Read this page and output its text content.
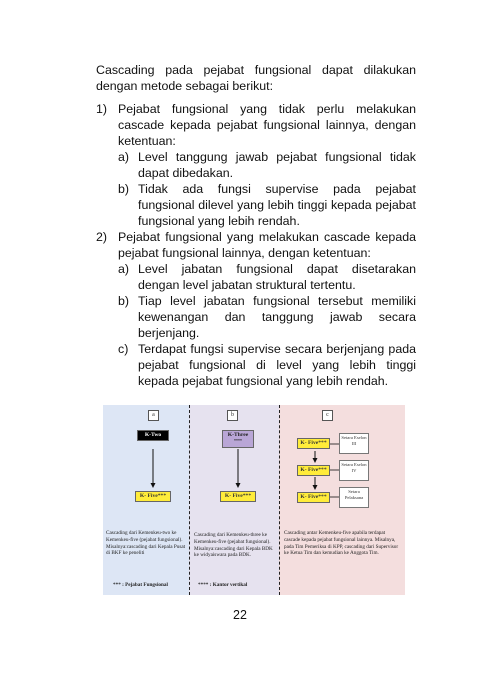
Cascading pada pejabat fungsional dapat dilakukan dengan metode sebagai berikut:

1) Pejabat fungsional yang tidak perlu melakukan cascade kepada pejabat fungsional lainnya, dengan ketentuan:
a) Level tanggung jawab pejabat fungsional tidak dapat dibedakan.
b) Tidak ada fungsi supervise pada pejabat fungsional dilevel yang lebih tinggi kepada pejabat fungsional yang lebih rendah.
2) Pejabat fungsional yang melakukan cascade kepada pejabat fungsional lainnya, dengan ketentuan:
a) Level jabatan fungsional dapat disetarakan dengan level jabatan struktural tertentu.
b) Tiap level jabatan fungsional tersebut memiliki kewenangan dan tanggung jawab secara berjenjang.
c) Terdapat fungsi supervise secara berjenjang pada pejabat fungsional di level yang lebih tinggi kepada pejabat fungsional yang lebih rendah.
a
K-Two
K- Five***
Cascading dari Kemenkeu-two ke Kemenkeu-five (pejabat fungsional). Misalnya:cascading dari Kepala Pusat di BKF ke peneliti
b
K-Three
****
K- Five***
Cascading dari Kemenkeu-three ke Kemenkeu-five (pejabat fungsional). Misalnya:cascading dari Kepala BDK ke widyaiswara pada BDK.
c
K- Five***
K- Five***
K- Five***
Setara Eselon III
Setara Eselon IV
Setara Pelaksana
Cascading antar Kemenkeu-five apabila terdapat cascade kepada pejabat fungsional lainnya. Misalnya, pada Tim Pemeriksa di KPP, cascading dari Supervisor ke Ketua Tim dan kemudian ke Anggota Tim.
*** : Pejabat Fungsional	**** : Kantor vertikal
22
